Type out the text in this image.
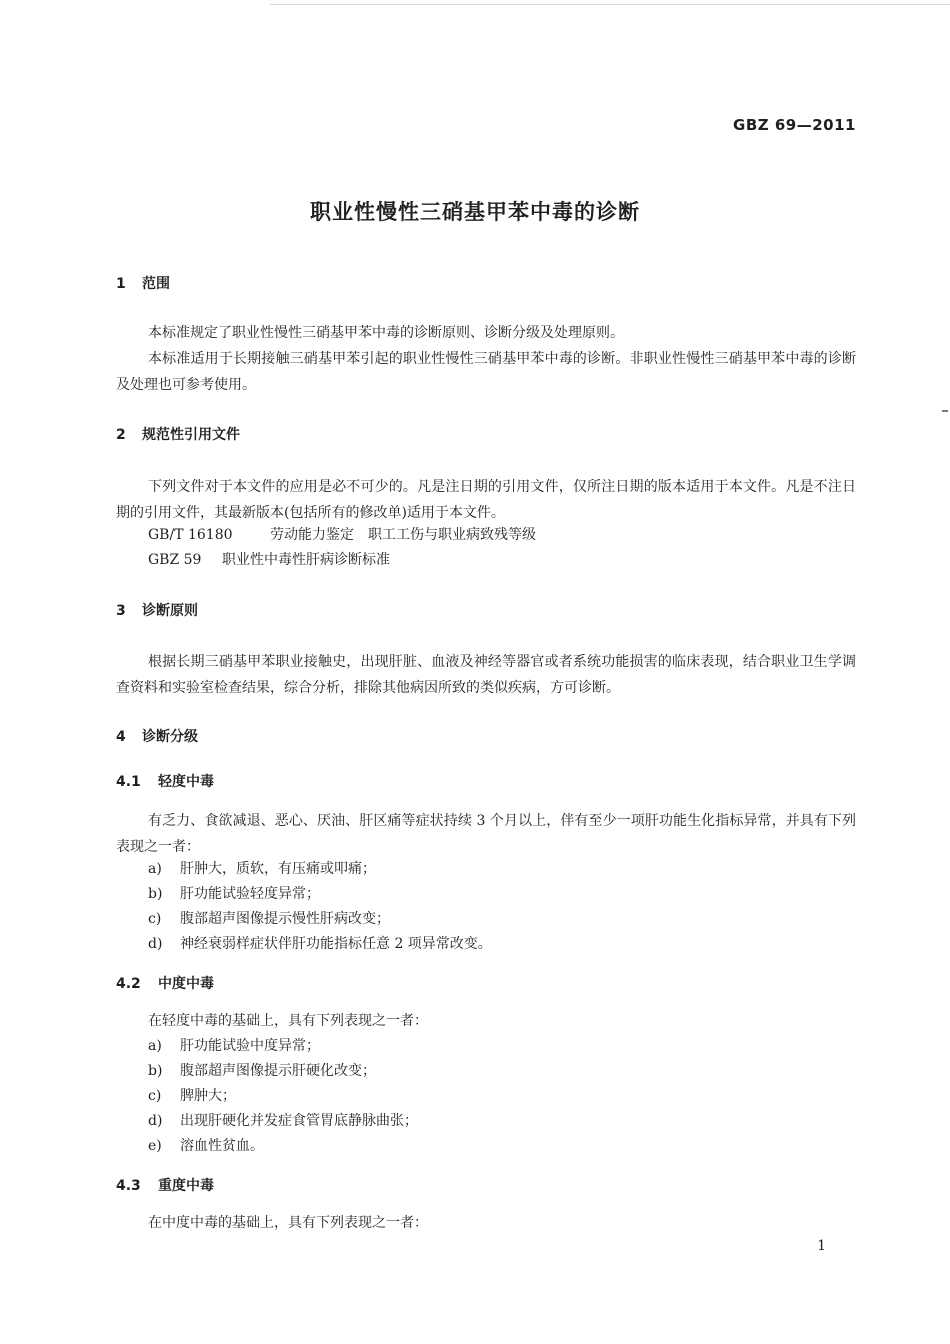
GBZ 69—2011
职业性慢性三硝基甲苯中毒的诊断
1 范围
本标准规定了职业性慢性三硝基甲苯中毒的诊断原则、诊断分级及处理原则。
本标准适用于长期接触三硝基甲苯引起的职业性慢性三硝基甲苯中毒的诊断。非职业性慢性三硝基甲苯中毒的诊断及处理也可参考使用。
2 规范性引用文件
下列文件对于本文件的应用是必不可少的。凡是注日期的引用文件，仅所注日期的版本适用于本文件。凡是不注日期的引用文件，其最新版本(包括所有的修改单)适用于本文件。
GB/T 16180	劳动能力鉴定　职工工伤与职业病致残等级
GBZ 59 职业性中毒性肝病诊断标准
3 诊断原则
根据长期三硝基甲苯职业接触史，出现肝脏、血液及神经等器官或者系统功能损害的临床表现，结合职业卫生学调查资料和实验室检查结果，综合分析，排除其他病因所致的类似疾病，方可诊断。
4 诊断分级
4.1 轻度中毒
有乏力、食欲减退、恶心、厌油、肝区痛等症状持续 3 个月以上，伴有至少一项肝功能生化指标异常，并具有下列表现之一者：
a) 肝肿大，质软，有压痛或叩痛；
b) 肝功能试验轻度异常；
c) 腹部超声图像提示慢性肝病改变；
d) 神经衰弱样症状伴肝功能指标任意 2 项异常改变。
4.2 中度中毒
在轻度中毒的基础上，具有下列表现之一者：
a) 肝功能试验中度异常；
b) 腹部超声图像提示肝硬化改变；
c) 脾肿大；
d) 出现肝硬化并发症食管胃底静脉曲张；
e) 溶血性贫血。
4.3 重度中毒
在中度中毒的基础上，具有下列表现之一者：
1
